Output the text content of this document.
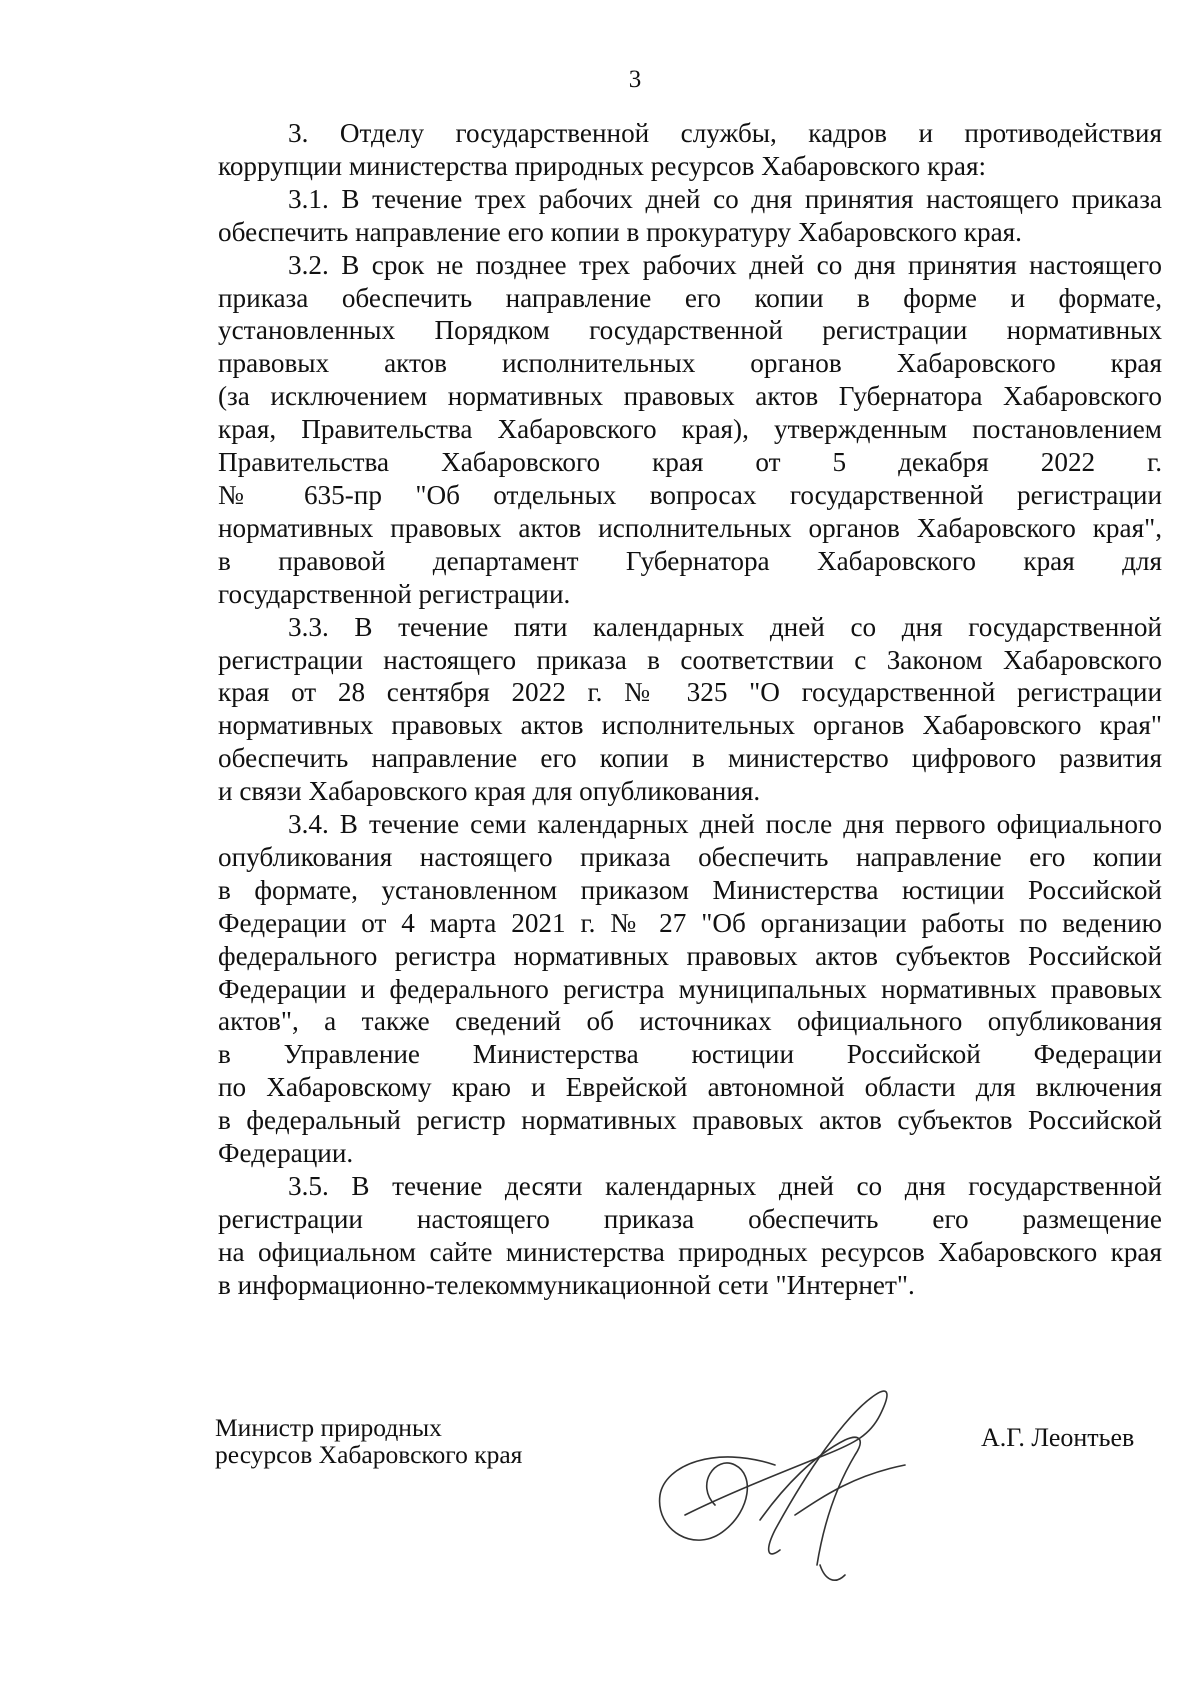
3
3. Отделу государственной службы, кадров и противодействия
коррупции министерства природных ресурсов Хабаровского края:
3.1. В течение трех рабочих дней со дня принятия настоящего приказа
обеспечить направление его копии в прокуратуру Хабаровского края.
3.2. В срок не позднее трех рабочих дней со дня принятия настоящего
приказа обеспечить направление его копии в форме и формате,
установленных Порядком государственной регистрации нормативных
правовых актов исполнительных органов Хабаровского края
(за исключением нормативных правовых актов Губернатора Хабаровского
края, Правительства Хабаровского края), утвержденным постановлением
Правительства Хабаровского края от 5 декабря 2022 г.
№ 635-пр "Об отдельных вопросах государственной регистрации
нормативных правовых актов исполнительных органов Хабаровского края",
в правовой департамент Губернатора Хабаровского края для
государственной регистрации.
3.3. В течение пяти календарных дней со дня государственной
регистрации настоящего приказа в соответствии с Законом Хабаровского
края от 28 сентября 2022 г. № 325 "О государственной регистрации
нормативных правовых актов исполнительных органов Хабаровского края"
обеспечить направление его копии в министерство цифрового развития
и связи Хабаровского края для опубликования.
3.4. В течение семи календарных дней после дня первого официального
опубликования настоящего приказа обеспечить направление его копии
в формате, установленном приказом Министерства юстиции Российской
Федерации от 4 марта 2021 г. № 27 "Об организации работы по ведению
федерального регистра нормативных правовых актов субъектов Российской
Федерации и федерального регистра муниципальных нормативных правовых
актов", а также сведений об источниках официального опубликования
в Управление Министерства юстиции Российской Федерации
по Хабаровскому краю и Еврейской автономной области для включения
в федеральный регистр нормативных правовых актов субъектов Российской
Федерации.
3.5. В течение десяти календарных дней со дня государственной
регистрации настоящего приказа обеспечить его размещение
на официальном сайте министерства природных ресурсов Хабаровского края
в информационно-телекоммуникационной сети "Интернет".
Министр природных
ресурсов Хабаровского края
А.Г. Леонтьев
